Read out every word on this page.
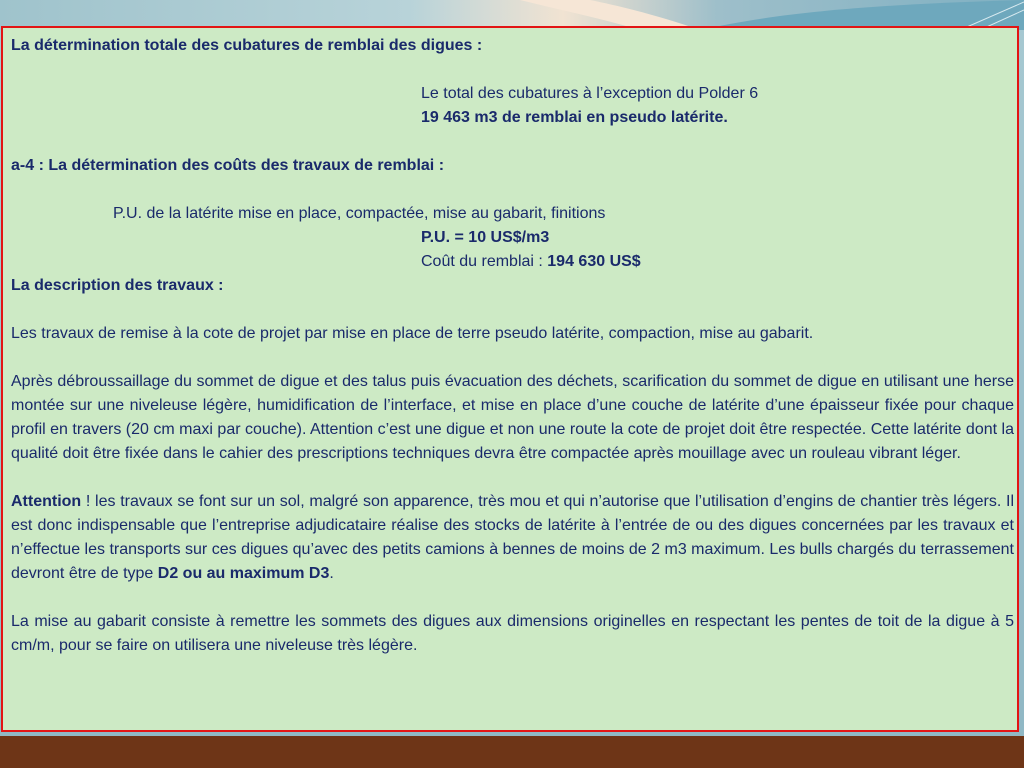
La détermination totale des cubatures de remblai des digues :

Le total des cubatures à l’exception du Polder 6

19 463 m3 de remblai en pseudo latérite.

a-4 : La détermination des coûts des travaux de remblai :

P.U. de la latérite mise en place, compactée, mise au gabarit, finitions

P.U. = 10 US$/m3

Coût du remblai : 194 630 US$

La description des travaux :

Les travaux de remise à la cote de projet par mise en place de terre pseudo latérite, compaction, mise au gabarit.

Après débroussaillage du sommet de digue et des talus puis évacuation des déchets, scarification du sommet de digue en utilisant une herse montée sur une niveleuse légère, humidification de l’interface, et mise en place d’une couche de latérite d’une épaisseur fixée pour chaque profil en travers (20 cm maxi par couche). Attention c’est une digue et non une route la cote de projet doit être respectée. Cette latérite dont la qualité doit être fixée dans le cahier des prescriptions techniques devra être compactée après mouillage avec un rouleau vibrant léger.

Attention ! les travaux se font sur un sol, malgré son apparence, très mou et qui n’autorise que l’utilisation d’engins de chantier très légers. Il est donc indispensable que l’entreprise adjudicataire réalise des stocks de latérite à l’entrée de ou des digues concernées par les travaux et n’effectue les transports sur ces digues qu’avec des petits camions à bennes de moins de 2 m3 maximum. Les bulls chargés du terrassement devront être de type D2 ou au maximum D3.

La mise au gabarit consiste à remettre les sommets des digues aux dimensions originelles en respectant les pentes de toit de la digue à 5 cm/m, pour se faire on utilisera une niveleuse très légère.
